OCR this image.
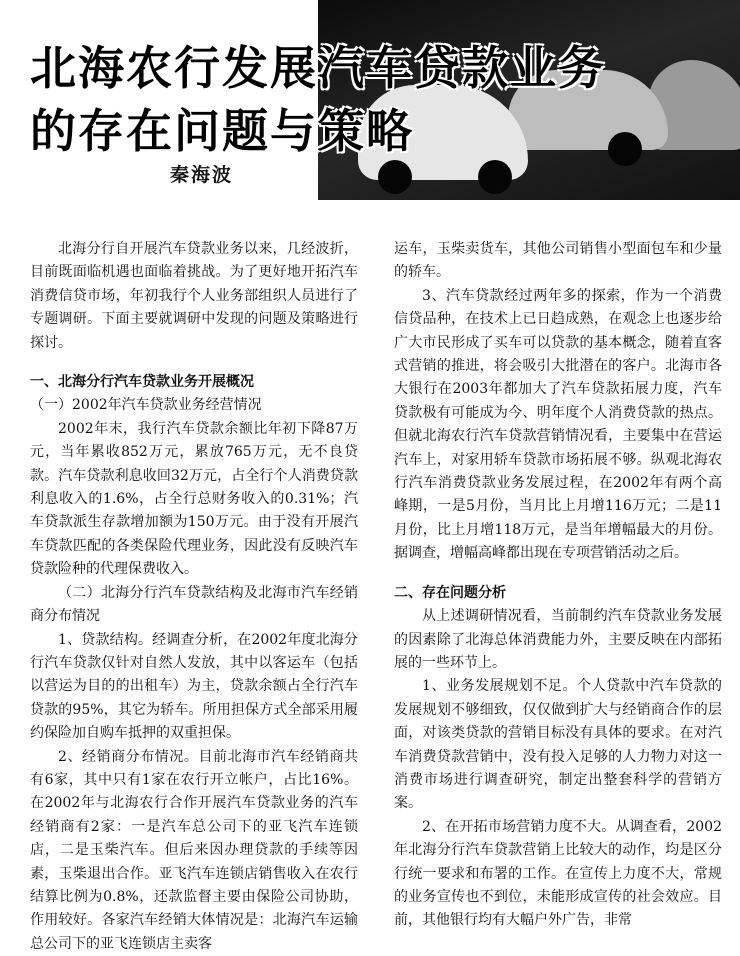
北海农行发展汽车贷款业务
的存在问题与策略
秦海波

北海分行自开展汽车贷款业务以来，几经波折，目前既面临机遇也面临着挑战。为了更好地开拓汽车消费信贷市场，年初我行个人业务部组织人员进行了专题调研。下面主要就调研中发现的问题及策略进行探讨。

一、北海分行汽车贷款业务开展概况

（一）2002年汽车贷款业务经营情况

2002年末，我行汽车贷款余额比年初下降87万元，当年累收852万元，累放765万元，无不良贷款。汽车贷款利息收回32万元，占全行个人消费贷款利息收入的1.6%，占全行总财务收入的0.31%；汽车贷款派生存款增加额为150万元。由于没有开展汽车贷款匹配的各类保险代理业务，因此没有反映汽车贷款险种的代理保费收入。

（二）北海分行汽车贷款结构及北海市汽车经销商分布情况

1、贷款结构。经调查分析，在2002年度北海分行汽车贷款仅针对自然人发放，其中以客运车（包括以营运为目的的出租车）为主，贷款余额占全行汽车贷款的95%，其它为轿车。所用担保方式全部采用履约保险加自购车抵押的双重担保。

2、经销商分布情况。目前北海市汽车经销商共有6家，其中只有1家在农行开立帐户，占比16%。在2002年与北海农行合作开展汽车贷款业务的汽车经销商有2家：一是汽车总公司下的亚飞汽车连锁店，二是玉柴汽车。但后来因办理贷款的手续等因素，玉柴退出合作。亚飞汽车连锁店销售收入在农行结算比例为0.8%，还款监督主要由保险公司协助，作用较好。各家汽车经销大体情况是：北海汽车运输总公司下的亚飞连锁店主卖客

运车，玉柴卖货车，其他公司销售小型面包车和少量的轿车。

3、汽车贷款经过两年多的探索，作为一个消费信贷品种，在技术上已日趋成熟，在观念上也逐步给广大市民形成了买车可以贷款的基本概念，随着直客式营销的推进，将会吸引大批潜在的客户。北海市各大银行在2003年都加大了汽车贷款拓展力度，汽车贷款极有可能成为今、明年度个人消费贷款的热点。但就北海农行汽车贷款营销情况看，主要集中在营运汽车上，对家用轿车贷款市场拓展不够。纵观北海农行汽车消费贷款业务发展过程，在2002年有两个高峰期，一是5月份，当月比上月增116万元；二是11月份，比上月增118万元，是当年增幅最大的月份。据调查，增幅高峰都出现在专项营销活动之后。

二、存在问题分析

从上述调研情况看，当前制约汽车贷款业务发展的因素除了北海总体消费能力外，主要反映在内部拓展的一些环节上。

1、业务发展规划不足。个人贷款中汽车贷款的发展规划不够细致，仅仅做到扩大与经销商合作的层面，对该类贷款的营销目标没有具体的要求。在对汽车消费贷款营销中，没有投入足够的人力物力对这一消费市场进行调查研究，制定出整套科学的营销方案。

2、在开拓市场营销力度不大。从调查看，2002年北海分行汽车贷款营销上比较大的动作，均是区分行统一要求和布署的工作。在宣传上力度不大，常规的业务宣传也不到位，未能形成宣传的社会效应。目前，其他银行均有大幅户外广告，非常
